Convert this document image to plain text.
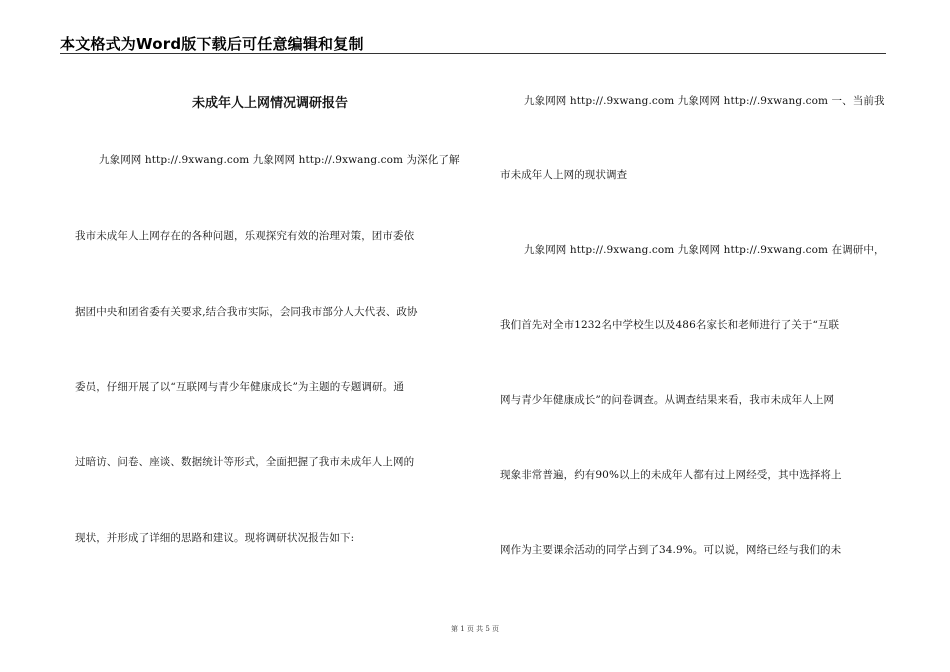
本文格式为Word版下载后可任意编辑和复制
未成年人上网情况调研报告
九象网网 http://.9xwang.com 九象网网 http://.9xwang.com 为深化了解
我市未成年人上网存在的各种问题，乐观探究有效的治理对策，团市委依
据团中央和团省委有关要求,结合我市实际，会同我市部分人大代表、政协
委员，仔细开展了以“互联网与青少年健康成长”为主题的专题调研。通
过暗访、问卷、座谈、数据统计等形式，全面把握了我市未成年人上网的
现状，并形成了详细的思路和建议。现将调研状况报告如下:
九象网网 http://.9xwang.com 九象网网 http://.9xwang.com 一、当前我
市未成年人上网的现状调查
九象网网 http://.9xwang.com 九象网网 http://.9xwang.com 在调研中，
我们首先对全市1232名中学校生以及486名家长和老师进行了关于“互联
网与青少年健康成长”的问卷调查。从调查结果来看，我市未成年人上网
现象非常普遍，约有90%以上的未成年人都有过上网经受，其中选择将上
网作为主要课余活动的同学占到了34.9%。可以说，网络已经与我们的未
第 1 页 共 5 页
